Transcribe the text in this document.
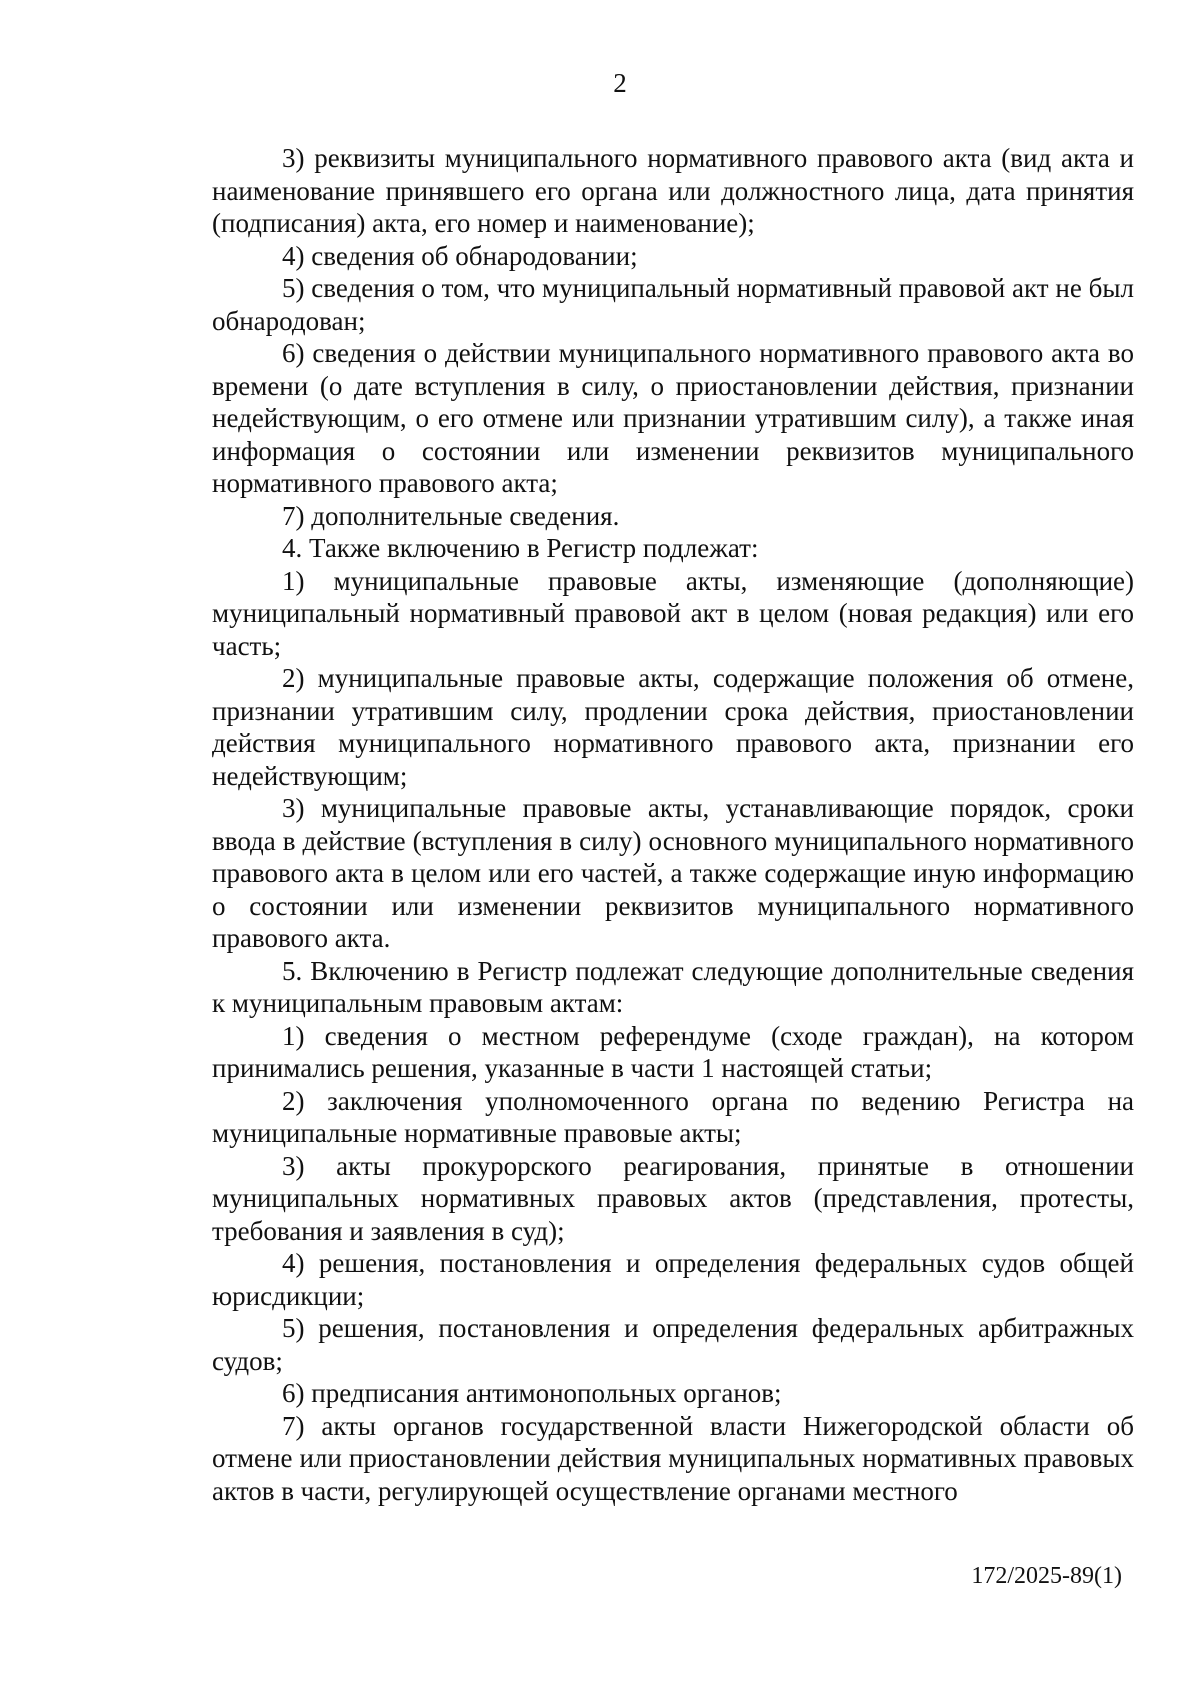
2

3) реквизиты муниципального нормативного правового акта (вид акта и наименование принявшего его органа или должностного лица, дата принятия (подписания) акта, его номер и наименование);

4) сведения об обнародовании;

5) сведения о том, что муниципальный нормативный правовой акт не был обнародован;

6) сведения о действии муниципального нормативного правового акта во времени (о дате вступления в силу, о приостановлении действия, признании недействующим, о его отмене или признании утратившим силу), а также иная информация о состоянии или изменении реквизитов муниципального нормативного правового акта;

7) дополнительные сведения.

4. Также включению в Регистр подлежат:

1) муниципальные правовые акты, изменяющие (дополняющие) муниципальный нормативный правовой акт в целом (новая редакция) или его часть;

2) муниципальные правовые акты, содержащие положения об отмене, признании утратившим силу, продлении срока действия, приостановлении действия муниципального нормативного правового акта, признании его недействующим;

3) муниципальные правовые акты, устанавливающие порядок, сроки ввода в действие (вступления в силу) основного муниципального нормативного правового акта в целом или его частей, а также содержащие иную информацию о состоянии или изменении реквизитов муниципального нормативного правового акта.

5. Включению в Регистр подлежат следующие дополнительные сведения к муниципальным правовым актам:

1) сведения о местном референдуме (сходе граждан), на котором принимались решения, указанные в части 1 настоящей статьи;

2) заключения уполномоченного органа по ведению Регистра на муниципальные нормативные правовые акты;

3) акты прокурорского реагирования, принятые в отношении муниципальных нормативных правовых актов (представления, протесты, требования и заявления в суд);

4) решения, постановления и определения федеральных судов общей юрисдикции;

5) решения, постановления и определения федеральных арбитражных судов;

6) предписания антимонопольных органов;

7) акты органов государственной власти Нижегородской области об отмене или приостановлении действия муниципальных нормативных правовых актов в части, регулирующей осуществление органами местного

172/2025-89(1)
